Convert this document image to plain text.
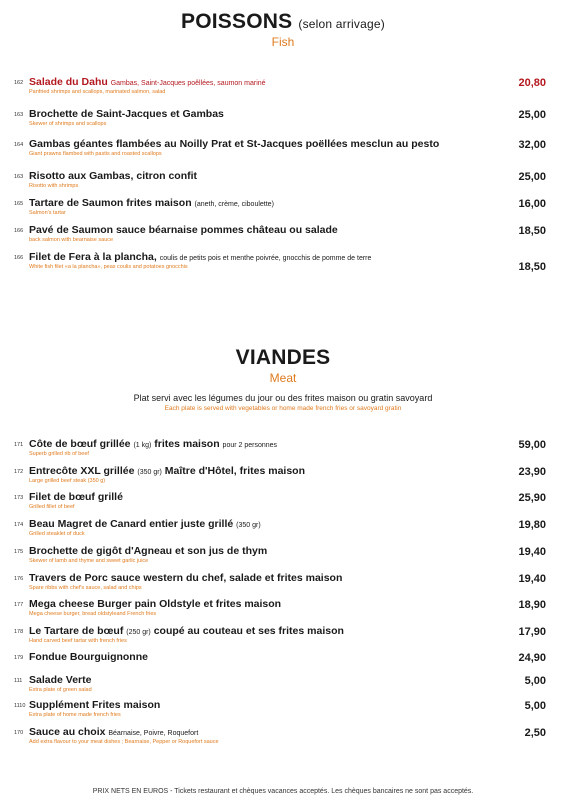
POISSONS (selon arrivage)
Fish
162 Salade du Dahu Gambas, Saint-Jacques poêllées, saumon mariné
Panfried shrimps and scallops, marinated salmon, salad
20,80
163 Brochette de Saint-Jacques et Gambas
Skewer of shrimps and scallops
25,00
164 Gambas géantes flambées au Noilly Prat et St-Jacques poëllées mesclun au pesto
Giant prawns flambed with pastis and roasted scallops
32,00
163 Risotto aux Gambas, citron confit
Risotto with shrimps
25,00
165 Tartare de Saumon frites maison (aneth, crème, ciboulette)
Salmon's tartar
16,00
166 Pavé de Saumon sauce béarnaise pommes château ou salade
back salmon with bearnaise sauce
18,50
166 Filet de Fera à la plancha, coulis de petits pois et menthe poivrée, gnocchis de pomme de terre
White fish filet «a la plancha», peas coulis and potatoes gnocchis	18,50
VIANDES
Meat
Plat servi avec les légumes du jour ou des frites maison ou gratin savoyard
Each plate is served with vegetables or home made french fries or savoyard gratin
171 Côte de bœuf grillée (1 kg) frites maison pour 2 personnes
Superb grilled rib of beef
59,00
172 Entrecôte XXL grillée (350 gr) Maître d'Hôtel, frites maison
Large grilled beef steak (350 g)
23,90
173 Filet de bœuf grillé
Grilled fillet of beef
25,90
174 Beau Magret de Canard entier juste grillé (350 gr)
Grilled steaklet of duck
19,80
175 Brochette de gigôt d'Agneau et son jus de thym
Skewer of lamb and thyme and sweet garlic juice
19,40
176 Travers de Porc sauce western du chef, salade et frites maison
Spare ribbs with chef's sauce, salad and chips
19,40
177 Mega cheese Burger pain Oldstyle et frites maison
Mega cheese burger, bread oldstyleand French fries
18,90
178 Le Tartare de bœuf (250 gr) coupé au couteau et ses frites maison
Hand carved beef tartar with french fries
17,90
179 Fondue Bourguignonne	24,90
111 Salade Verte
Extra plate of green salad
5,00
1110 Supplément Frites maison
Extra plate of home made french fries
5,00
170 Sauce au choix Béarnaise, Poivre, Roquefort
Add extra flavour to your meat dishes ; Bearnaise, Pepper or Roquefort sauce
2,50
PRIX NETS EN EUROS - Tickets restaurant et chèques vacances acceptés. Les chèques bancaires ne sont pas acceptés.
